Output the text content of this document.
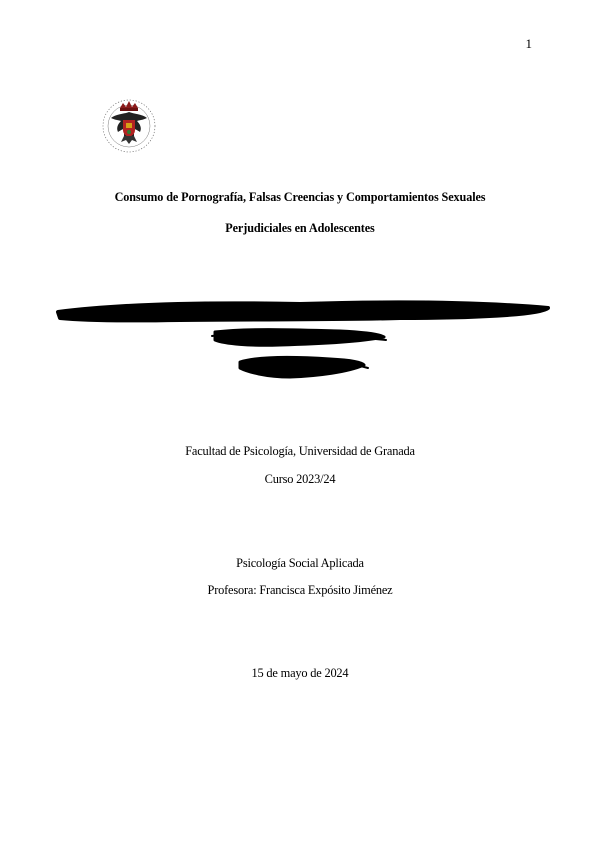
1
Consumo de Pornografía, Falsas Creencias y Comportamientos Sexuales
Perjudiciales en Adolescentes
Facultad de Psicología, Universidad de Granada
Curso 2023/24
Psicología Social Aplicada
Profesora: Francisca Expósito Jiménez
15 de mayo de 2024
